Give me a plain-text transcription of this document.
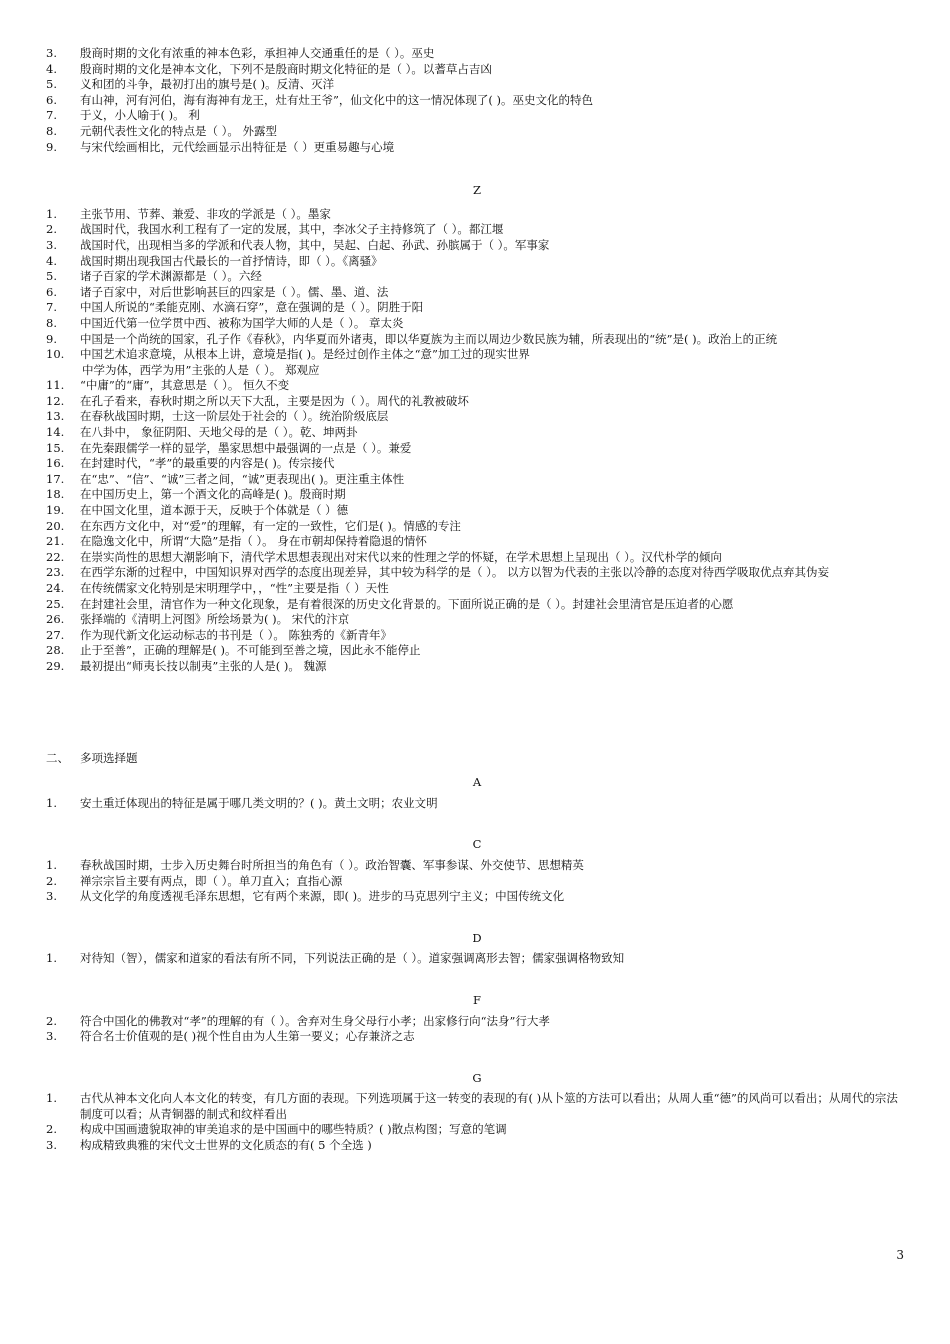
3.	殷商时期的文化有浓重的神本色彩，承担神人交通重任的是（ ）。巫史
4.	殷商时期的文化是神本文化，下列不是殷商时期文化特征的是（ ）。以蓍草占吉凶
5.	义和团的斗争，最初打出的旗号是( )。反清、灭洋
6.	有山神，河有河伯，海有海神有龙王，灶有灶王爷”，仙文化中的这一情况体现了( )。巫史文化的特色
7.	于义，小人喻于( )。 利
8.	元朝代表性文化的特点是（ ）。 外露型
9.	与宋代绘画相比，元代绘画显示出特征是（ ）更重易趣与心境
Z
1.	主张节用、节葬、兼爱、非攻的学派是（ ）。墨家
2.	战国时代，我国水利工程有了一定的发展，其中，李冰父子主持修筑了（ ）。都江堰
3.	战国时代，出现相当多的学派和代表人物，其中，吴起、白起、孙武、孙膑属于（ ）。军事家
4.	战国时期出现我国古代最长的一首抒情诗，即（ ）。《离骚》
5.	诸子百家的学术渊源都是（ ）。六经
6.	诸子百家中，对后世影响甚巨的四家是（ ）。儒、墨、道、法
7.	中国人所说的“柔能克刚、水滴石穿”，意在强调的是（ ）。阴胜于阳
8.	中国近代第一位学贯中西、被称为国学大师的人是（ ）。 章太炎
9.	中国是一个尚统的国家，孔子作《春秋》，内华夏而外诸夷，即以华夏族为主而以周边少数民族为辅，所表现出的“统”是( )。政治上的正统
10.	中国艺术追求意境，从根本上讲，意境是指( )。是经过创作主体之“意”加工过的现实世界
中学为体，西学为用”主张的人是（ ）。 郑观应
11.	“中庸”的“庸”，其意思是（ ）。 恒久不变
12.	在孔子看来，春秋时期之所以天下大乱，主要是因为（ ）。周代的礼教被破坏
13.	在春秋战国时期，士这一阶层处于社会的（ ）。统治阶级底层
14.	在八卦中， 象征阴阳、天地父母的是（ ）。乾、坤两卦
15.	在先秦跟儒学一样的显学，墨家思想中最强调的一点是（ ）。兼爱
16.	在封建时代，“孝”的最重要的内容是( )。传宗接代
17.	在“忠”、“信”、“诚”三者之间，“诚”更表现出( )。更注重主体性
18.	在中国历史上，第一个酒文化的高峰是( )。殷商时期
19.	在中国文化里，道本源于天，反映于个体就是（ ）德
20.	在东西方文化中，对“爱”的理解，有一定的一致性，它们是( )。情感的专注
21.	在隐逸文化中，所谓“大隐”是指（ ）。 身在市朝却保持着隐退的情怀
22.	在崇实尚性的思想大潮影响下，清代学术思想表现出对宋代以来的性理之学的怀疑，在学术思想上呈现出（ ）。汉代朴学的倾向
23.	在西学东渐的过程中，中国知识界对西学的态度出现差异，其中较为科学的是（ ）。 以方以智为代表的主张以冷静的态度对待西学吸取优点弃其伪妄
24.	在传统儒家文化特别是宋明理学中，，“性”主要是指（ ）天性
25.	在封建社会里，清官作为一种文化现象，是有着很深的历史文化背景的。下面所说正确的是（ ）。封建社会里清官是压迫者的心愿
26.	张择端的《清明上河图》所绘场景为( )。 宋代的汴京
27.	作为现代新文化运动标志的书刊是（ ）。 陈独秀的《新青年》
28.	止于至善”，正确的理解是( )。不可能到至善之境，因此永不能停止
29.	最初提出“师夷长技以制夷”主张的人是( )。 魏源
二、 多项选择题
A
1.	安土重迁体现出的特征是属于哪几类文明的？( )。黄土文明；农业文明
C
1.	春秋战国时期，士步入历史舞台时所担当的角色有（ ）。政治智囊、军事参谋、外交使节、思想精英
2.	禅宗宗旨主要有两点，即（ ）。单刀直入；直指心源
3.	从文化学的角度透视毛泽东思想，它有两个来源，即( )。进步的马克思列宁主义；中国传统文化
D
1.	对待知（智），儒家和道家的看法有所不同，下列说法正确的是（ ）。道家强调离形去智；儒家强调格物致知
F
2.	符合中国化的佛教对“孝”的理解的有（ ）。舍弃对生身父母行小孝；出家修行向“法身”行大孝
3.	符合名士价值观的是( )视个性自由为人生第一要义；心存兼济之志
G
1.	古代从神本文化向人本文化的转变，有几方面的表现。下列选项属于这一转变的表现的有( )从卜筮的方法可以看出；从周人重“德”的风尚可以看出；从周代的宗法制度可以看；从青铜器的制式和纹样看出
2.	构成中国画遗貌取神的审美追求的是中国画中的哪些特质？( )散点构图；写意的笔调
3.	构成精致典雅的宋代文士世界的文化质态的有( 5 个全选 )
3
